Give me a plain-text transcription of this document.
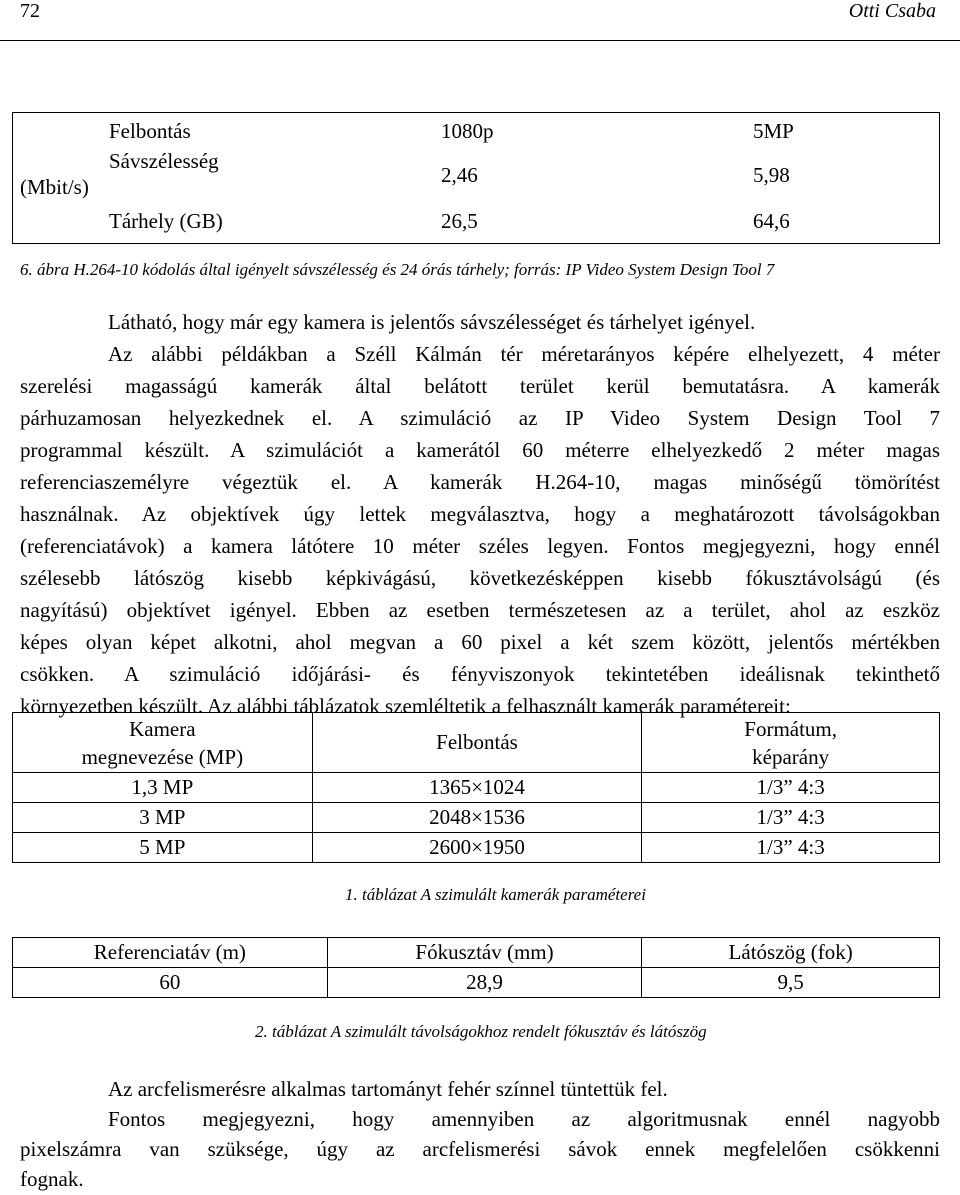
72	Otti Csaba
Felbontás	1080p	5MP
Sávszélesség
(Mbit/s)	2,46	5,98
Tárhely (GB)	26,5	64,6
6. ábra H.264-10 kódolás által igényelt sávszélesség és 24 órás tárhely; forrás: IP Video System Design Tool 7
Látható, hogy már egy kamera is jelentős sávszélességet és tárhelyet igényel.
Az alábbi példákban a Széll Kálmán tér méretarányos képére elhelyezett, 4 méter
szerelési magasságú kamerák által belátott terület kerül bemutatásra. A kamerák
párhuzamosan helyezkednek el. A szimuláció az IP Video System Design Tool 7
programmal készült. A szimulációt a kamerától 60 méterre elhelyezkedő 2 méter magas
referenciaszemélyre végeztük el. A kamerák H.264-10, magas minőségű tömörítést
használnak. Az objektívek úgy lettek megválasztva, hogy a meghatározott távolságokban
(referenciatávok) a kamera látótere 10 méter széles legyen. Fontos megjegyezni, hogy ennél
szélesebb látószög kisebb képkivágású, következésképpen kisebb fókusztávolságú (és
nagyítású) objektívet igényel. Ebben az esetben természetesen az a terület, ahol az eszköz
képes olyan képet alkotni, ahol megvan a 60 pixel a két szem között, jelentős mértékben
csökken. A szimuláció időjárási- és fényviszonyok tekintetében ideálisnak tekinthető
környezetben készült. Az alábbi táblázatok szemléltetik a felhasznált kamerák paramétereit:
Kamera
megnevezése (MP)	Felbontás	Formátum,
képarány
1,3 MP	1365×1024	1/3” 4:3
3 MP	2048×1536	1/3” 4:3
5 MP	2600×1950	1/3” 4:3
1. táblázat A szimulált kamerák paraméterei
Referenciatáv (m)	Fókusztáv (mm)	Látószög (fok)
60	28,9	9,5
2. táblázat A szimulált távolságokhoz rendelt fókusztáv és látószög
Az arcfelismerésre alkalmas tartományt fehér színnel tüntettük fel.
Fontos megjegyezni, hogy amennyiben az algoritmusnak ennél nagyobb
pixelszámra van szüksége, úgy az arcfelismerési sávok ennek megfelelően csökkenni
fognak.
